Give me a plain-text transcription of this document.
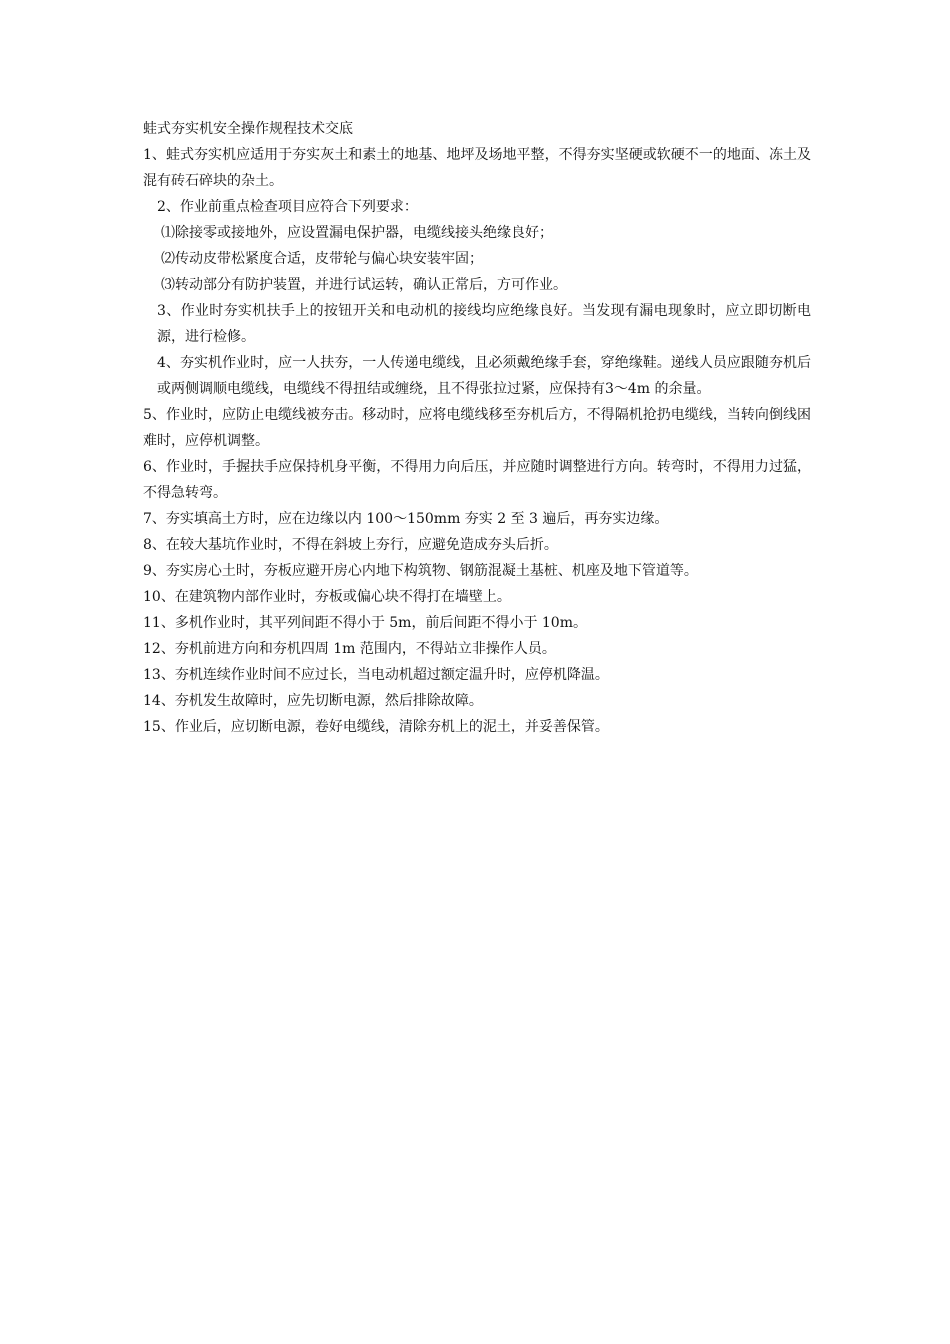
蛙式夯实机安全操作规程技术交底

1、蛙式夯实机应适用于夯实灰土和素土的地基、地坪及场地平整，不得夯实坚硬或软硬不一的地面、冻土及混有砖石碎块的杂土。

2、作业前重点检查项目应符合下列要求：

⑴除接零或接地外，应设置漏电保护器，电缆线接头绝缘良好；

⑵传动皮带松紧度合适，皮带轮与偏心块安装牢固；

⑶转动部分有防护装置，并进行试运转，确认正常后，方可作业。

3、作业时夯实机扶手上的按钮开关和电动机的接线均应绝缘良好。当发现有漏电现象时，应立即切断电源，进行检修。

4、夯实机作业时，应一人扶夯，一人传递电缆线，且必须戴绝缘手套，穿绝缘鞋。递线人员应跟随夯机后或两侧调顺电缆线，电缆线不得扭结或缠绕，且不得张拉过紧，应保持有3～4m 的余量。

5、作业时，应防止电缆线被夯击。移动时，应将电缆线移至夯机后方，不得隔机抢扔电缆线，当转向倒线困难时，应停机调整。

6、作业时，手握扶手应保持机身平衡，不得用力向后压，并应随时调整进行方向。转弯时，不得用力过猛，不得急转弯。

7、夯实填高土方时，应在边缘以内 100～150mm 夯实 2 至 3 遍后，再夯实边缘。

8、在较大基坑作业时，不得在斜坡上夯行，应避免造成夯头后折。

9、夯实房心土时，夯板应避开房心内地下构筑物、钢筋混凝土基桩、机座及地下管道等。

10、在建筑物内部作业时，夯板或偏心块不得打在墙壁上。

11、多机作业时，其平列间距不得小于 5m，前后间距不得小于 10m。

12、夯机前进方向和夯机四周 1m 范围内，不得站立非操作人员。

13、夯机连续作业时间不应过长，当电动机超过额定温升时，应停机降温。

14、夯机发生故障时，应先切断电源，然后排除故障。

15、作业后，应切断电源，卷好电缆线，清除夯机上的泥土，并妥善保管。
